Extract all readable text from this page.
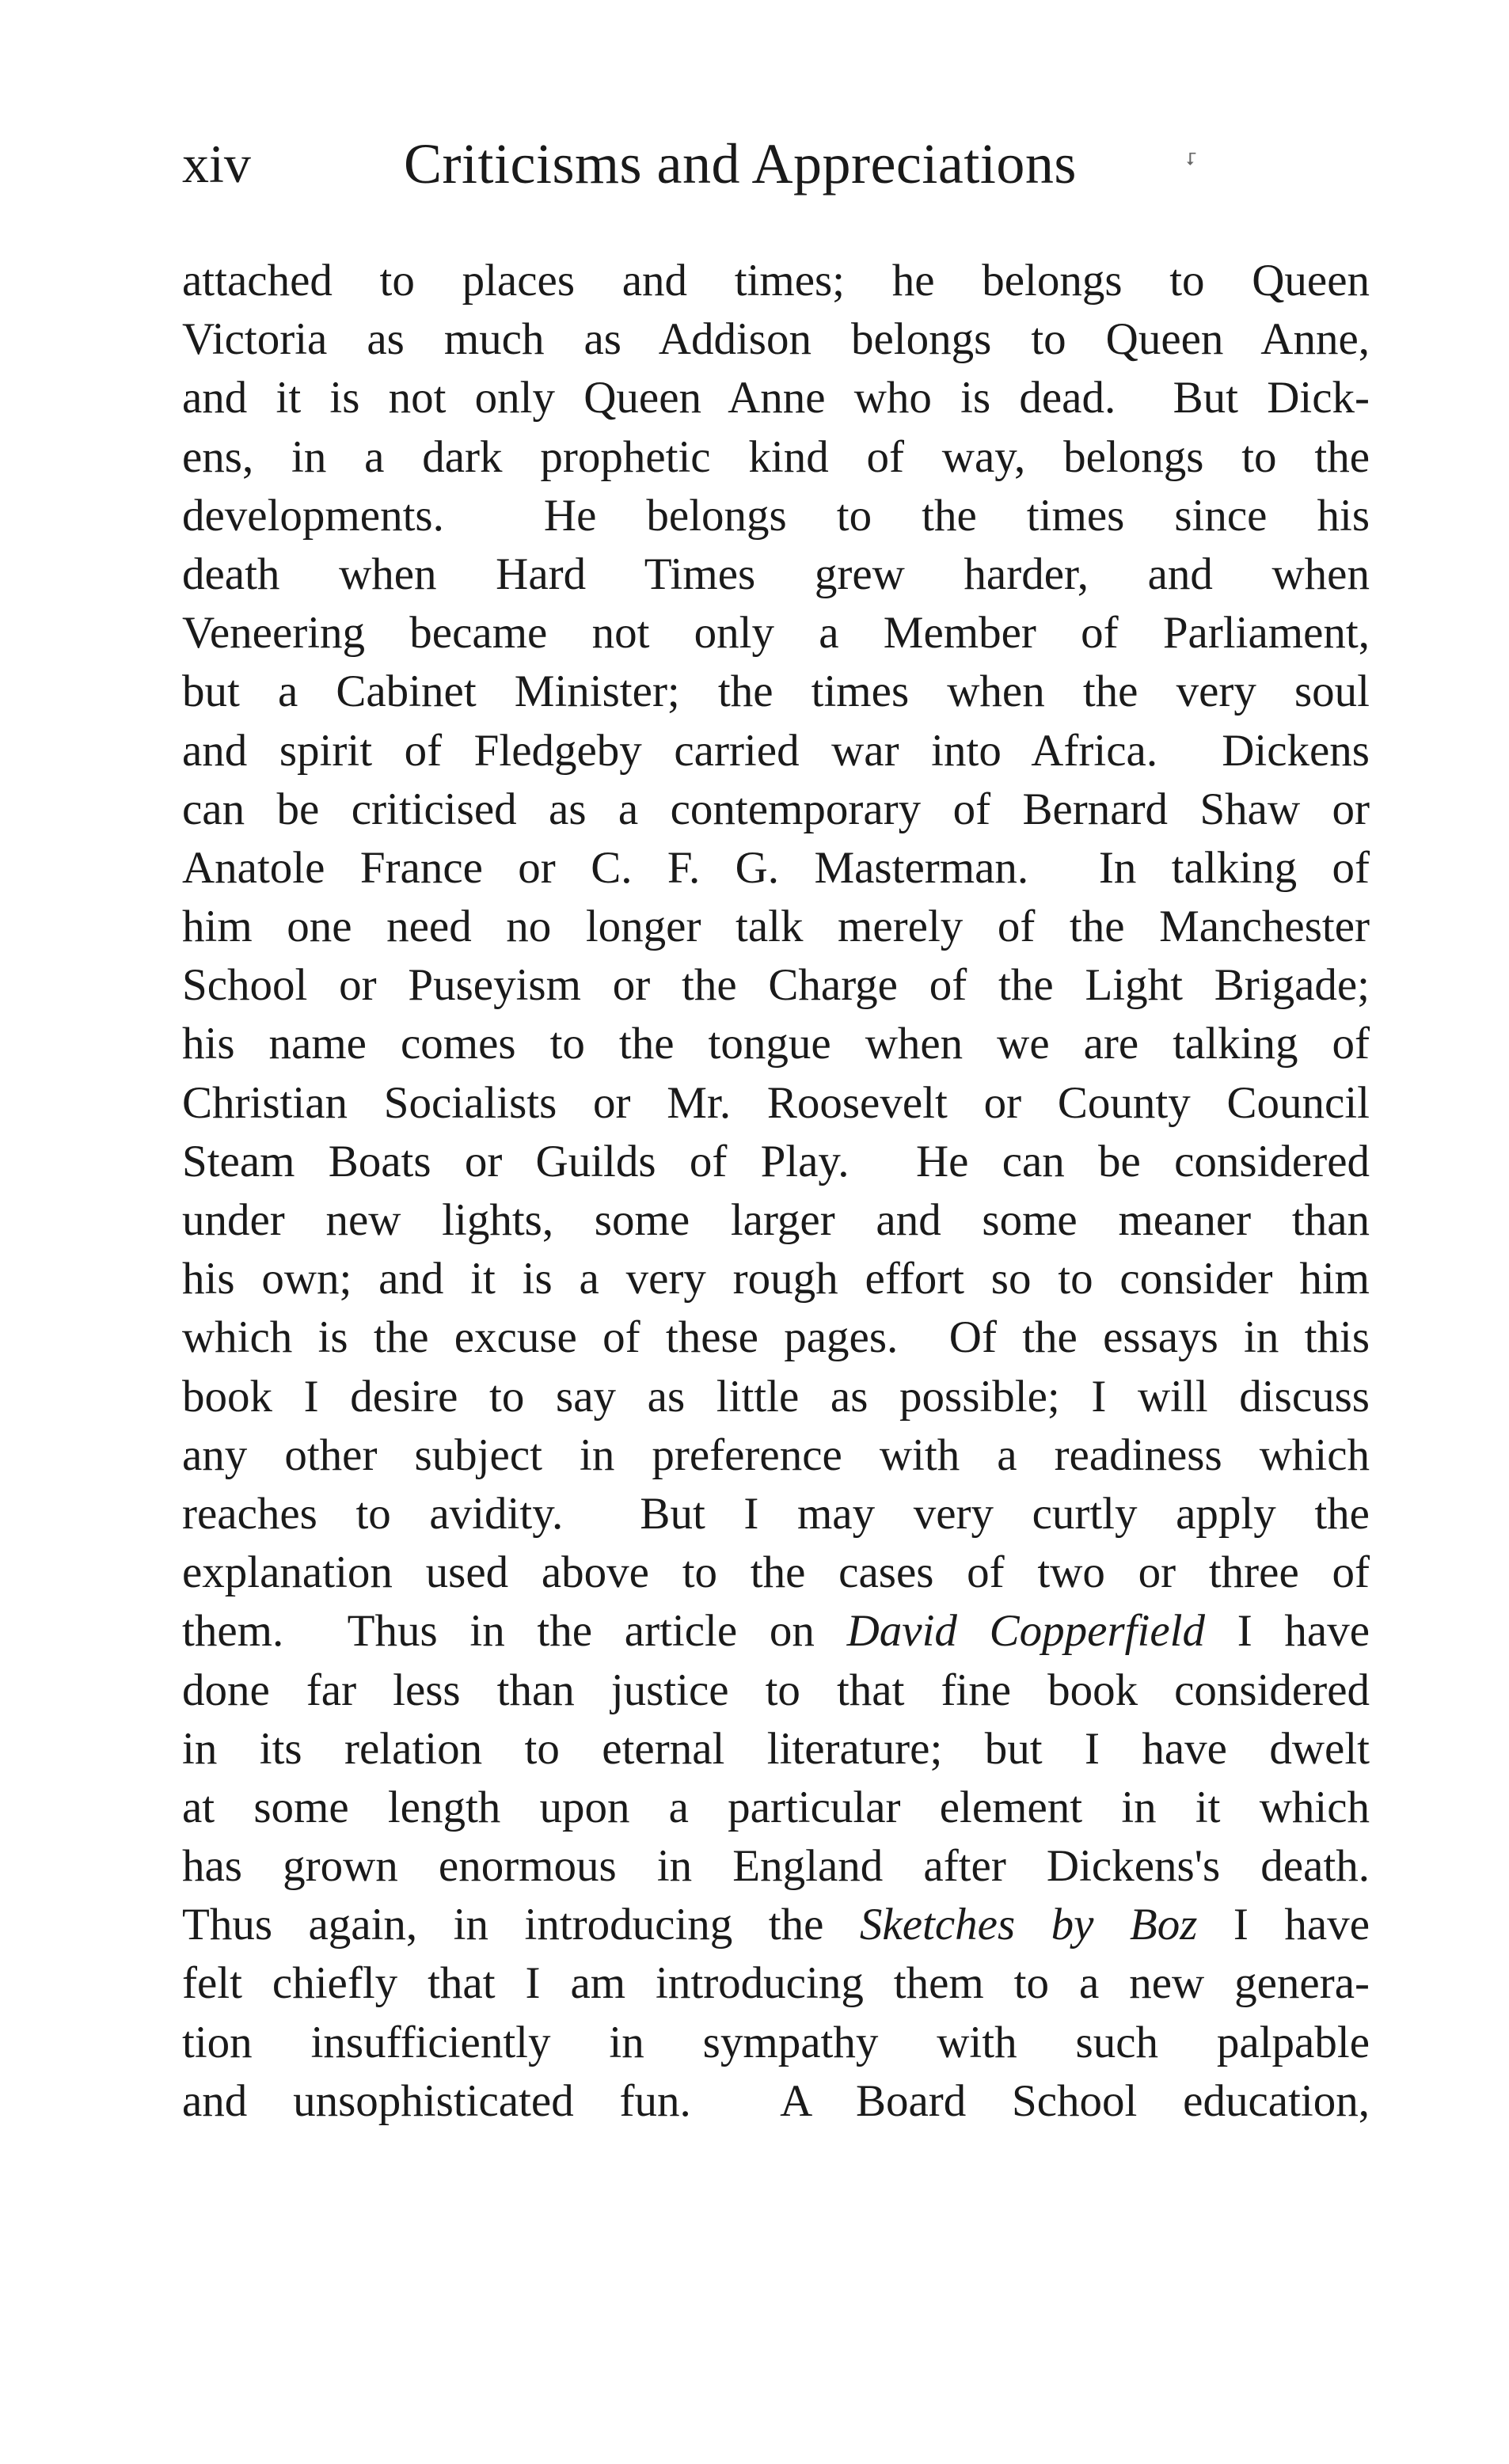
xiv	Criticisms and Appreciations	⮦
attached to places and times; he belongs to Queen
Victoria as much as Addison belongs to Queen Anne,
and it is not only Queen Anne who is dead.  But Dick-
ens, in a dark prophetic kind of way, belongs to the
developments.  He belongs to the times since his
death when Hard Times grew harder, and when
Veneering became not only a Member of Parliament,
but a Cabinet Minister; the times when the very soul
and spirit of Fledgeby carried war into Africa.  Dickens
can be criticised as a contemporary of Bernard Shaw or
Anatole France or C. F. G. Masterman.  In talking of
him one need no longer talk merely of the Manchester
School or Puseyism or the Charge of the Light Brigade;
his name comes to the tongue when we are talking of
Christian Socialists or Mr. Roosevelt or County Council
Steam Boats or Guilds of Play.  He can be considered
under new lights, some larger and some meaner than
his own; and it is a very rough effort so to consider him
which is the excuse of these pages.  Of the essays in this
book I desire to say as little as possible; I will discuss
any other subject in preference with a readiness which
reaches to avidity.  But I may very curtly apply the
explanation used above to the cases of two or three of
them.  Thus in the article on David Copperfield I have
done far less than justice to that fine book considered
in its relation to eternal literature; but I have dwelt
at some length upon a particular element in it which
has grown enormous in England after Dickens's death.
Thus again, in introducing the Sketches by Boz I have
felt chiefly that I am introducing them to a new genera-
tion insufficiently in sympathy with such palpable
and unsophisticated fun.  A Board School education,
